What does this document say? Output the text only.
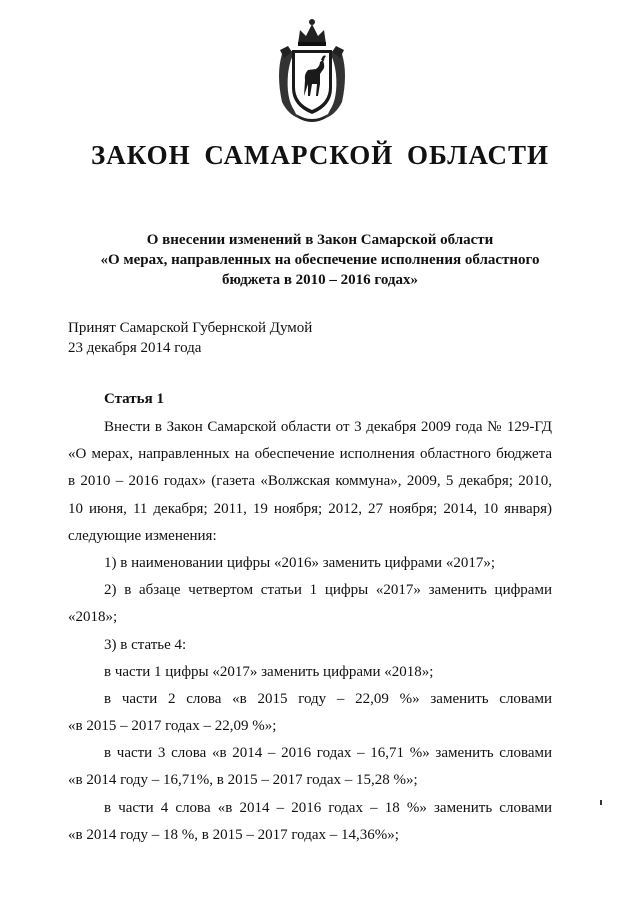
ЗАКОН САМАРСКОЙ ОБЛАСТИ
О внесении изменений в Закон Самарской области
«О мерах, направленных на обеспечение исполнения областного
бюджета в 2010 – 2016 годах»
Принят Самарской Губернской Думой
23 декабря 2014 года
Статья 1
Внести в Закон Самарской области от 3 декабря 2009 года № 129-ГД
«О мерах, направленных на обеспечение исполнения областного бюджета
в 2010 – 2016 годах» (газета «Волжская коммуна», 2009, 5 декабря; 2010,
10 июня, 11 декабря; 2011, 19 ноября; 2012, 27 ноября; 2014, 10 января)
следующие изменения:
1) в наименовании цифры «2016» заменить цифрами «2017»;
2) в абзаце четвертом статьи 1 цифры «2017» заменить цифрами
«2018»;
3) в статье 4:
в части 1 цифры «2017» заменить цифрами «2018»;
в части 2 слова «в 2015 году – 22,09 %» заменить словами
«в 2015 – 2017 годах – 22,09 %»;
в части 3 слова «в 2014 – 2016 годах – 16,71 %» заменить словами
«в 2014 году – 16,71%, в 2015 – 2017 годах – 15,28 %»;
в части 4 слова «в 2014 – 2016 годах – 18 %» заменить словами
«в 2014 году – 18 %, в 2015 – 2017 годах – 14,36%»;
